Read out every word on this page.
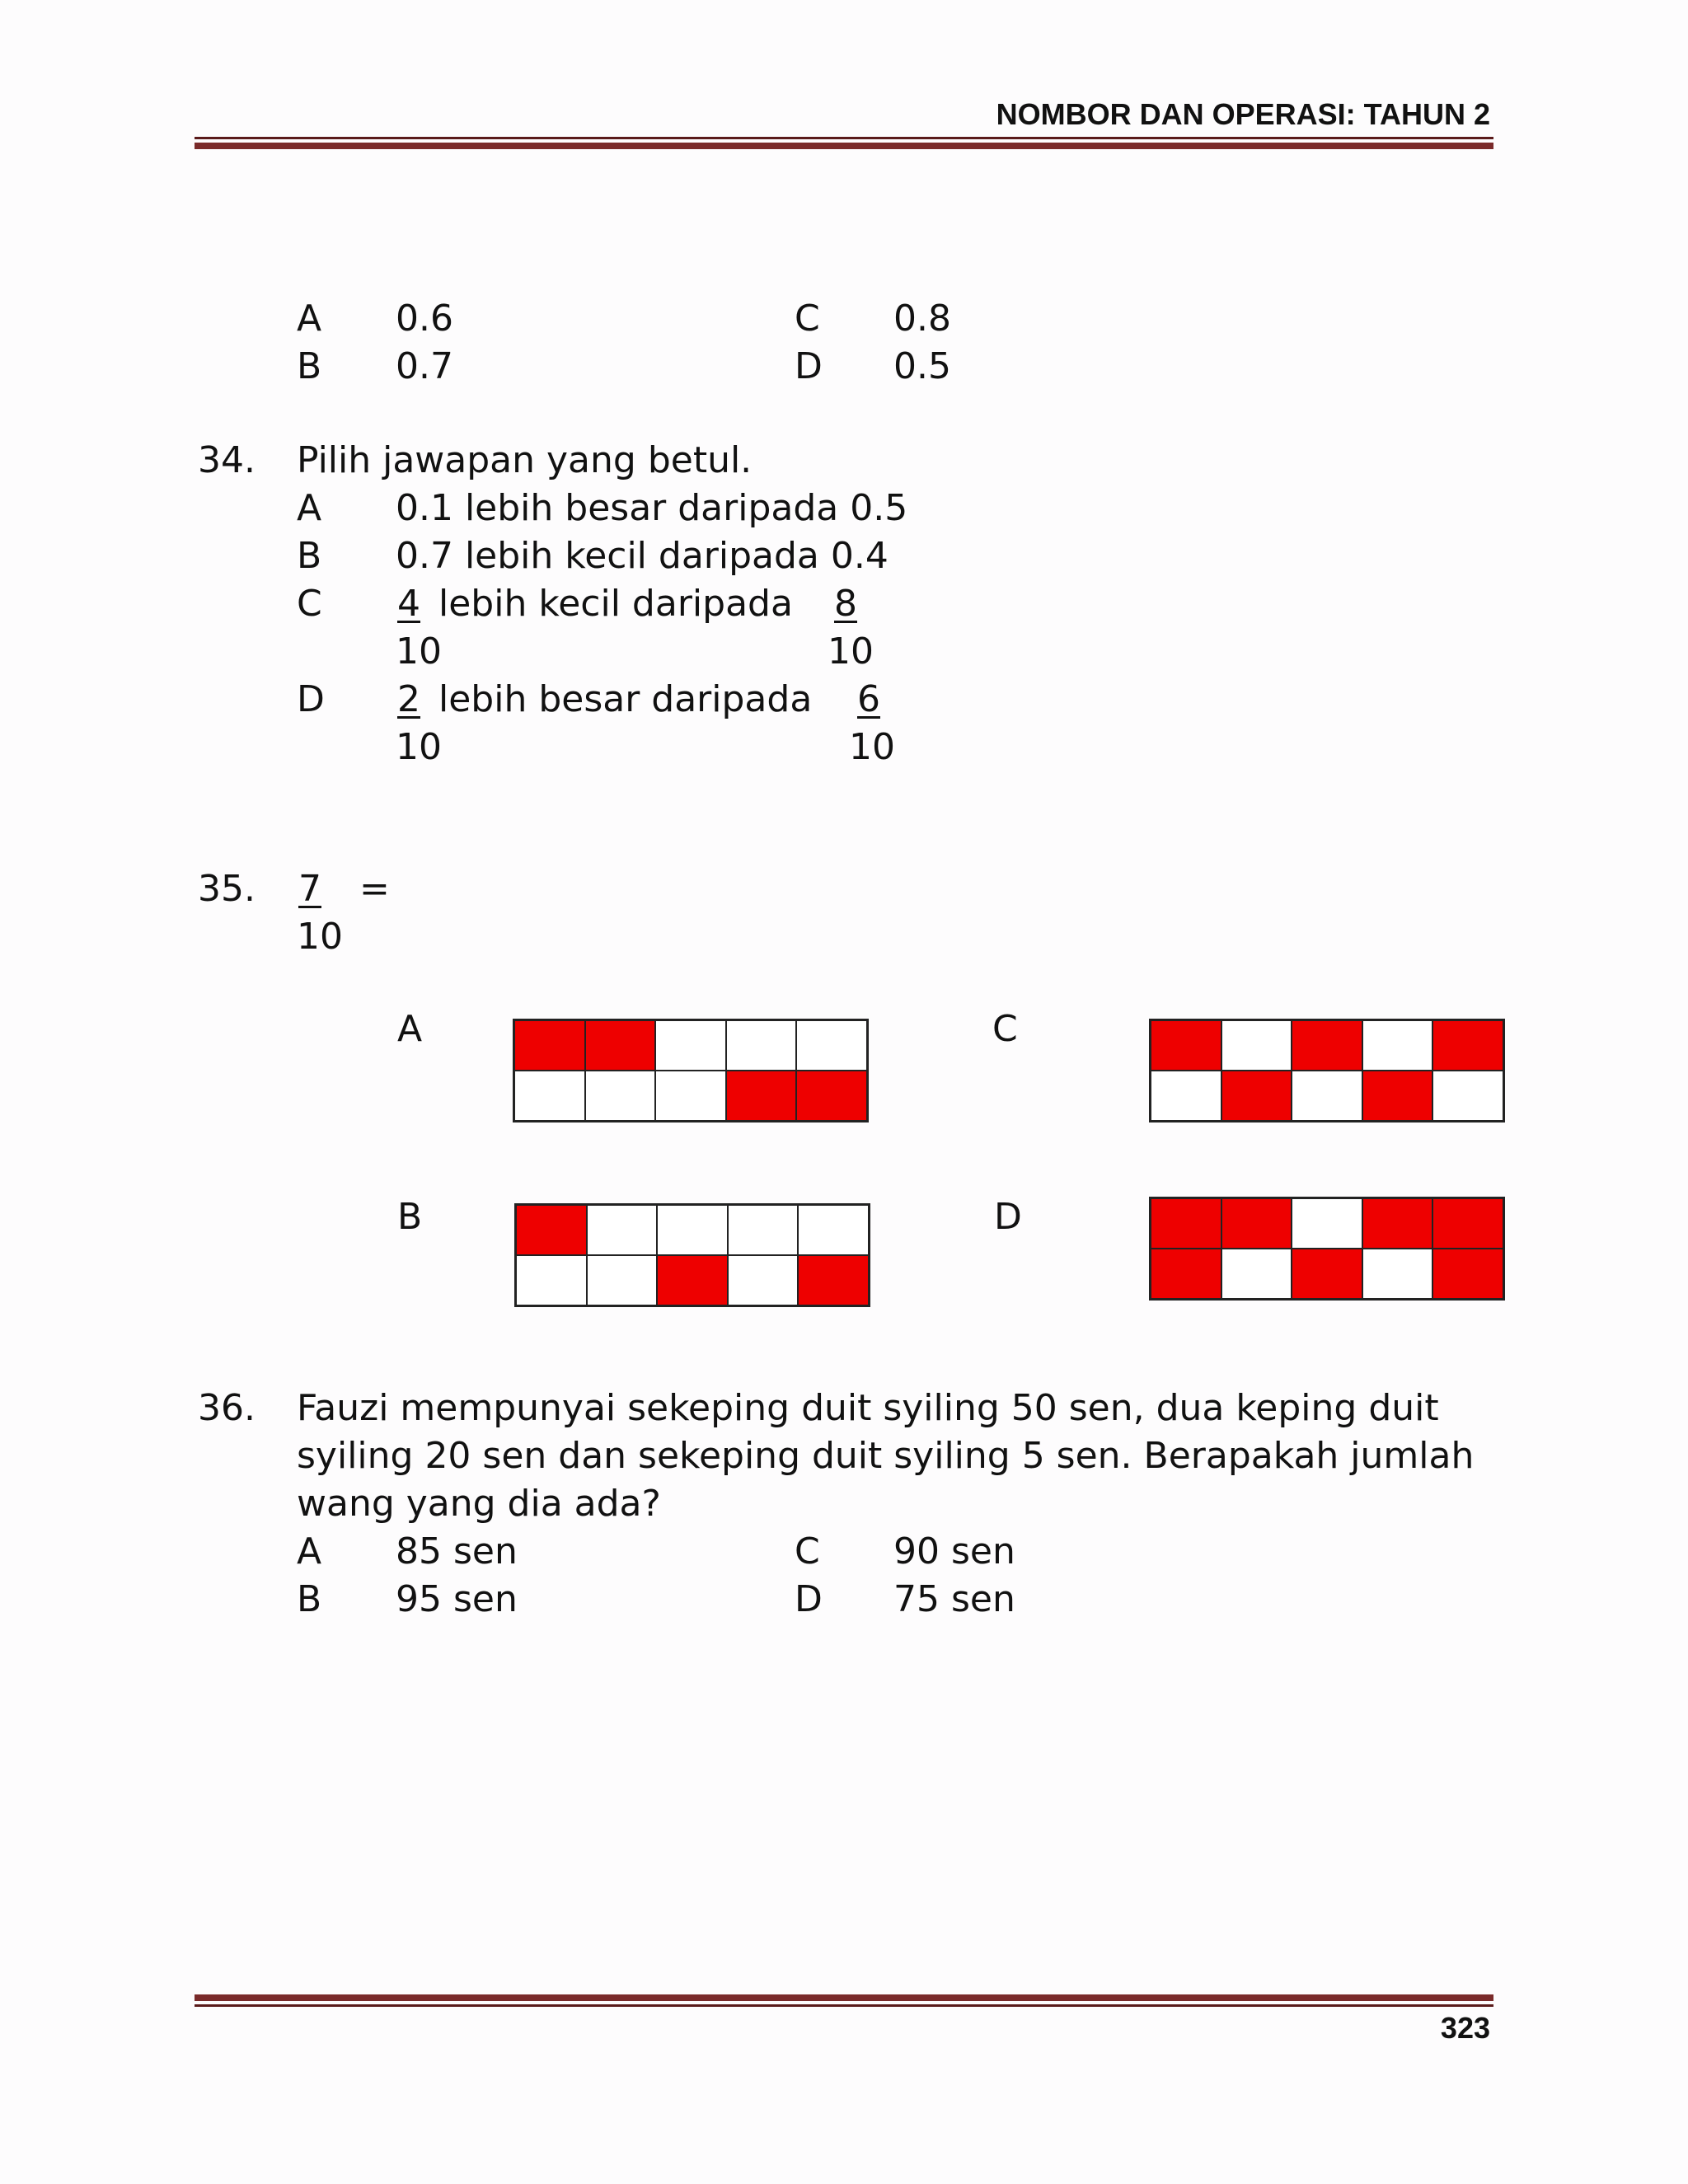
NOMBOR DAN OPERASI: TAHUN 2
A 0.6
B 0.7
C 0.8
D 0.5
34. Pilih jawapan yang betul.
A 0.1 lebih besar daripada 0.5
B 0.7 lebih kecil daripada 0.4
C 4 lebih kecil daripada 8
10	10
D 2 lebih besar daripada 6
10	10
35. 7 =
10
A	C
B	D
36. Fauzi mempunyai sekeping duit syiling 50 sen, dua keping duit
syiling 20 sen dan sekeping duit syiling 5 sen. Berapakah jumlah
wang yang dia ada?
A 85 sen
B 95 sen
C 90 sen
D 75 sen
323
